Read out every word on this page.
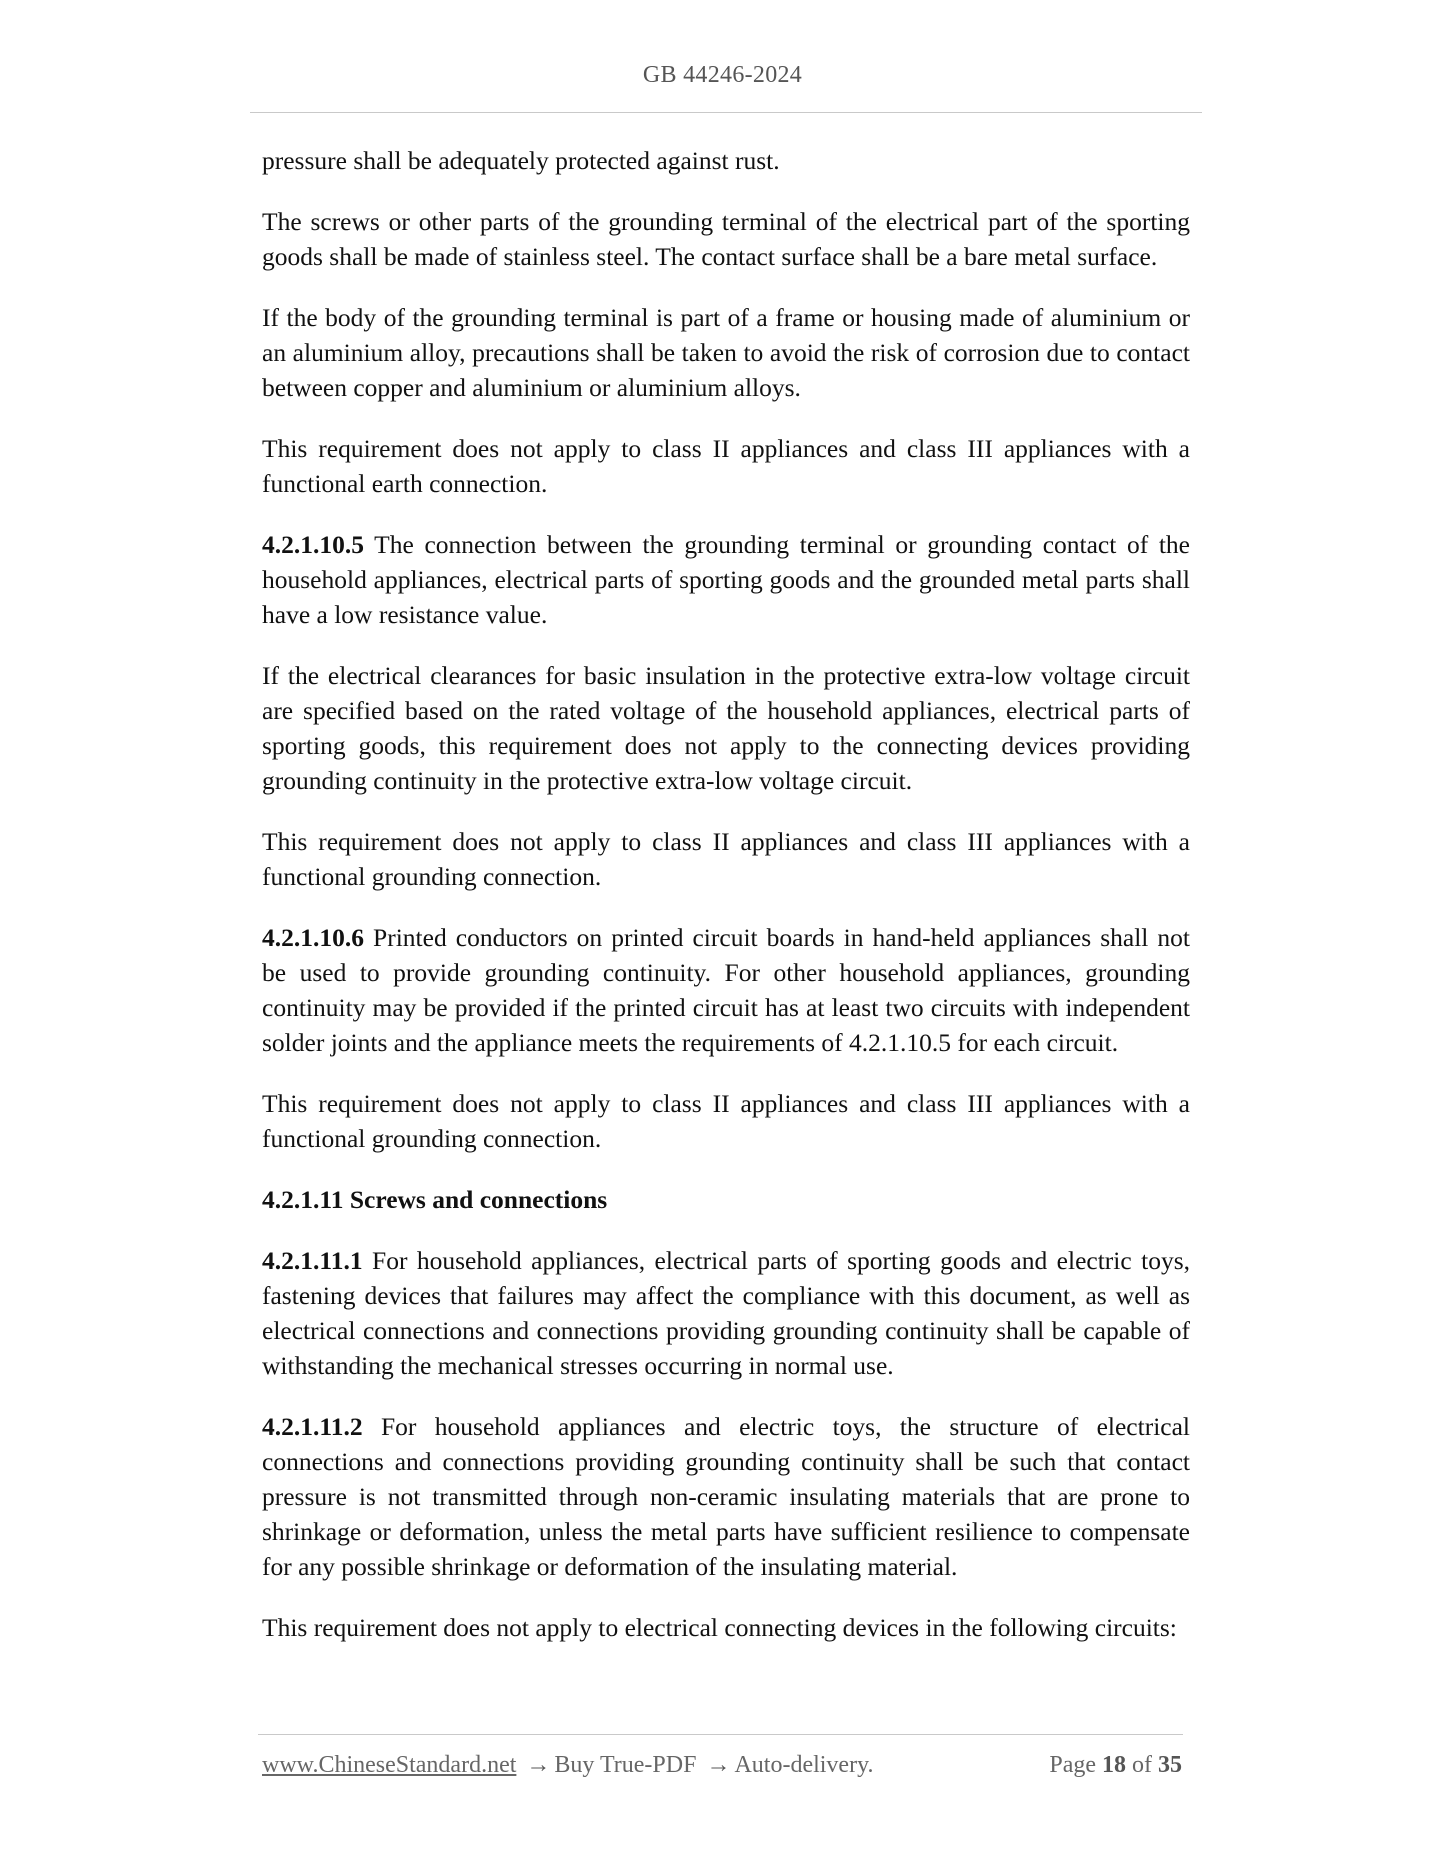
GB 44246-2024

pressure shall be adequately protected against rust.

The screws or other parts of the grounding terminal of the electrical part of the sporting goods shall be made of stainless steel. The contact surface shall be a bare metal surface.

If the body of the grounding terminal is part of a frame or housing made of aluminium or an aluminium alloy, precautions shall be taken to avoid the risk of corrosion due to contact between copper and aluminium or aluminium alloys.

This requirement does not apply to class II appliances and class III appliances with a functional earth connection.

4.2.1.10.5 The connection between the grounding terminal or grounding contact of the household appliances, electrical parts of sporting goods and the grounded metal parts shall have a low resistance value.

If the electrical clearances for basic insulation in the protective extra-low voltage circuit are specified based on the rated voltage of the household appliances, electrical parts of sporting goods, this requirement does not apply to the connecting devices providing grounding continuity in the protective extra-low voltage circuit.

This requirement does not apply to class II appliances and class III appliances with a functional grounding connection.

4.2.1.10.6 Printed conductors on printed circuit boards in hand-held appliances shall not be used to provide grounding continuity. For other household appliances, grounding continuity may be provided if the printed circuit has at least two circuits with independent solder joints and the appliance meets the requirements of 4.2.1.10.5 for each circuit.

This requirement does not apply to class II appliances and class III appliances with a functional grounding connection.

4.2.1.11 Screws and connections

4.2.1.11.1 For household appliances, electrical parts of sporting goods and electric toys, fastening devices that failures may affect the compliance with this document, as well as electrical connections and connections providing grounding continuity shall be capable of withstanding the mechanical stresses occurring in normal use.

4.2.1.11.2 For household appliances and electric toys, the structure of electrical connections and connections providing grounding continuity shall be such that contact pressure is not transmitted through non-ceramic insulating materials that are prone to shrinkage or deformation, unless the metal parts have sufficient resilience to compensate for any possible shrinkage or deformation of the insulating material.

This requirement does not apply to electrical connecting devices in the following circuits:

www.ChineseStandard.net → Buy True-PDF → Auto-delivery.	Page 18 of 35
